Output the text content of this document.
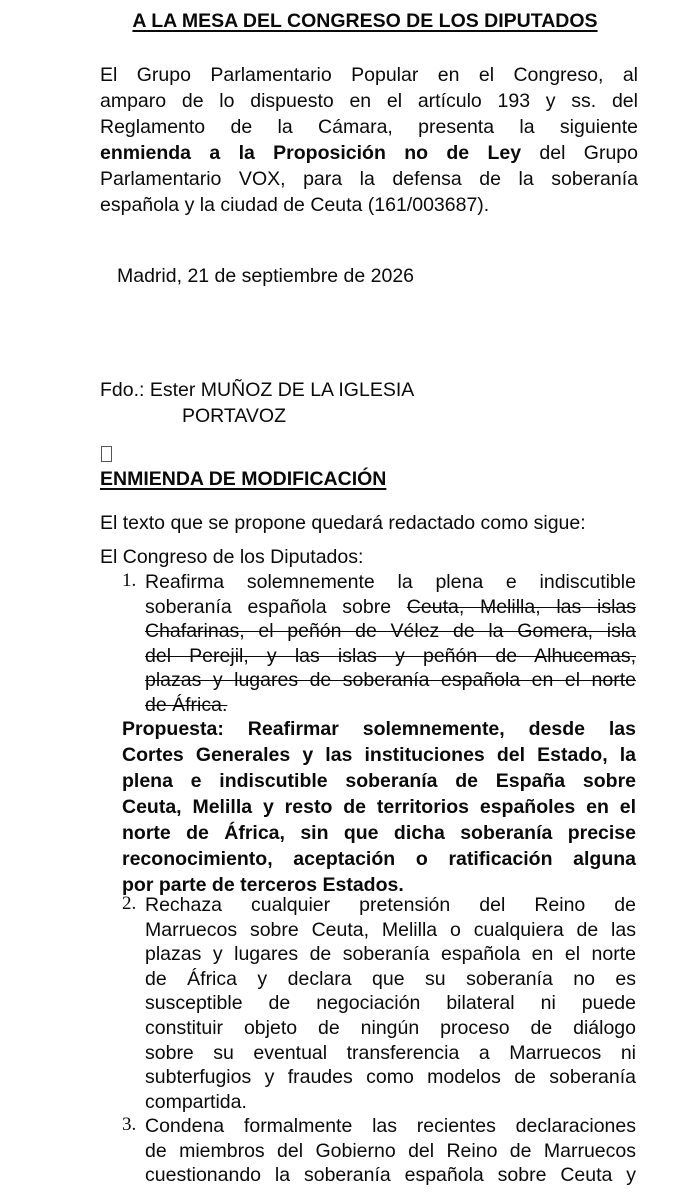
A LA MESA DEL CONGRESO DE LOS DIPUTADOS
El Grupo Parlamentario Popular en el Congreso, al
amparo de lo dispuesto en el artículo 193 y ss. del
Reglamento de la Cámara, presenta la siguiente
enmienda a la Proposición no de Ley del Grupo
Parlamentario VOX, para la defensa de la soberanía
española y la ciudad de Ceuta (161/003687).
Madrid, 21 de septiembre de 2026
Fdo.: Ester MUÑOZ DE LA IGLESIA
PORTAVOZ
ENMIENDA DE MODIFICACIÓN
El texto que se propone quedará redactado como sigue:
El Congreso de los Diputados:
1. Reafirma solemnemente la plena e indiscutible
soberanía española sobre Ceuta, Melilla, las islas
Chafarinas, el peñón de Vélez de la Gomera, isla
del Perejil, y las islas y peñón de Alhucemas,
plazas y lugares de soberanía española en el norte
de África.
Propuesta: Reafirmar solemnemente, desde las
Cortes Generales y las instituciones del Estado, la
plena e indiscutible soberanía de España sobre
Ceuta, Melilla y resto de territorios españoles en el
norte de África, sin que dicha soberanía precise
reconocimiento, aceptación o ratificación alguna
por parte de terceros Estados.
2. Rechaza cualquier pretensión del Reino de
Marruecos sobre Ceuta, Melilla o cualquiera de las
plazas y lugares de soberanía española en el norte
de África y declara que su soberanía no es
susceptible de negociación bilateral ni puede
constituir objeto de ningún proceso de diálogo
sobre su eventual transferencia a Marruecos ni
subterfugios y fraudes como modelos de soberanía
compartida.
3. Condena formalmente las recientes declaraciones
de miembros del Gobierno del Reino de Marruecos
cuestionando la soberanía española sobre Ceuta y
